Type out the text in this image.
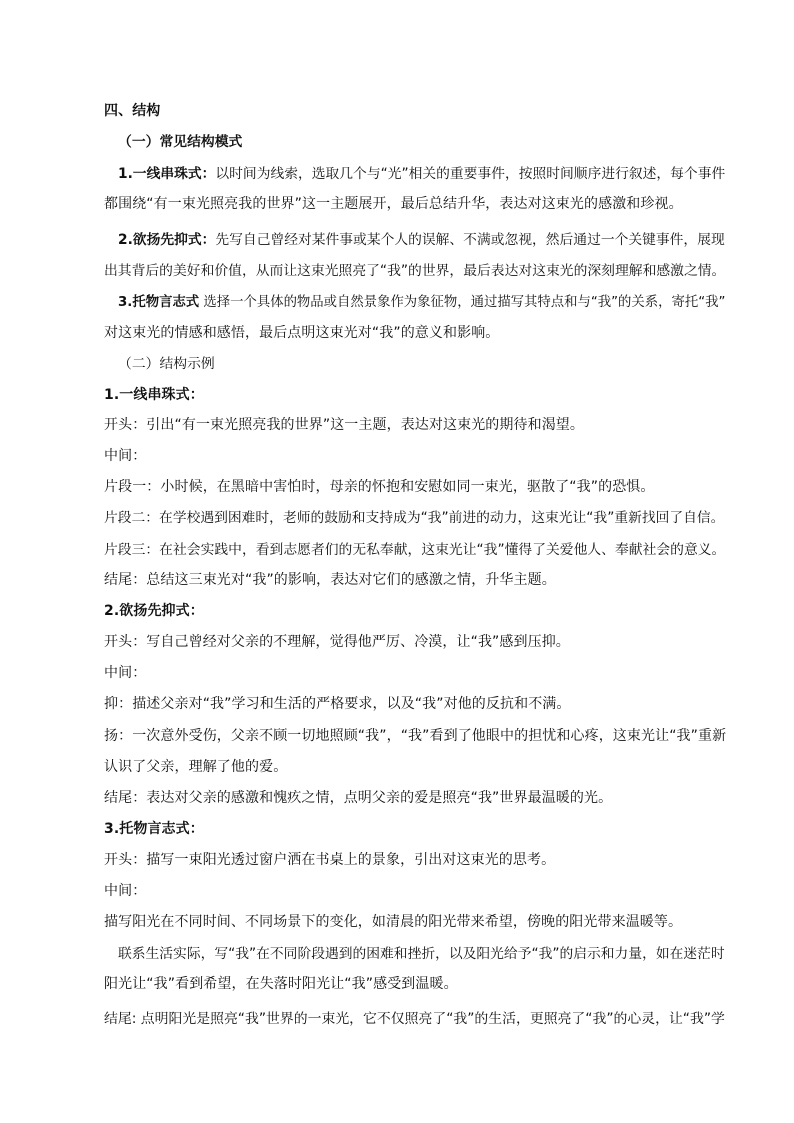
四、结构
（一）常见结构模式
1.一线串珠式：以时间为线索，选取几个与“光”相关的重要事件，按照时间顺序进行叙述，每个事件
都围绕“有一束光照亮我的世界”这一主题展开，最后总结升华，表达对这束光的感激和珍视。
2.欲扬先抑式：先写自己曾经对某件事或某个人的误解、不满或忽视，然后通过一个关键事件，展现
出其背后的美好和价值，从而让这束光照亮了“我”的世界，最后表达对这束光的深刻理解和感激之情。
3.托物言志式 选择一个具体的物品或自然景象作为象征物，通过描写其特点和与“我”的关系，寄托“我”
对这束光的情感和感悟，最后点明这束光对“我”的意义和影响。
（二）结构示例
1.一线串珠式：
开头：引出“有一束光照亮我的世界”这一主题，表达对这束光的期待和渴望。
中间：
片段一：小时候，在黑暗中害怕时，母亲的怀抱和安慰如同一束光，驱散了“我”的恐惧。
片段二：在学校遇到困难时，老师的鼓励和支持成为“我”前进的动力，这束光让“我”重新找回了自信。
片段三：在社会实践中，看到志愿者们的无私奉献，这束光让“我”懂得了关爱他人、奉献社会的意义。
结尾：总结这三束光对“我”的影响，表达对它们的感激之情，升华主题。
2.欲扬先抑式：
开头：写自己曾经对父亲的不理解，觉得他严厉、冷漠，让“我”感到压抑。
中间：
抑：描述父亲对“我”学习和生活的严格要求，以及“我”对他的反抗和不满。
扬：一次意外受伤，父亲不顾一切地照顾“我”，“我”看到了他眼中的担忧和心疼，这束光让“我”重新
认识了父亲，理解了他的爱。
结尾：表达对父亲的感激和愧疚之情，点明父亲的爱是照亮“我”世界最温暖的光。
3.托物言志式：
开头：描写一束阳光透过窗户洒在书桌上的景象，引出对这束光的思考。
中间：
描写阳光在不同时间、不同场景下的变化，如清晨的阳光带来希望，傍晚的阳光带来温暖等。
联系生活实际，写“我”在不同阶段遇到的困难和挫折，以及阳光给予“我”的启示和力量，如在迷茫时
阳光让“我”看到希望，在失落时阳光让“我”感受到温暖。
结尾: 点明阳光是照亮“我”世界的一束光，它不仅照亮了“我”的生活，更照亮了“我”的心灵，让“我”学
